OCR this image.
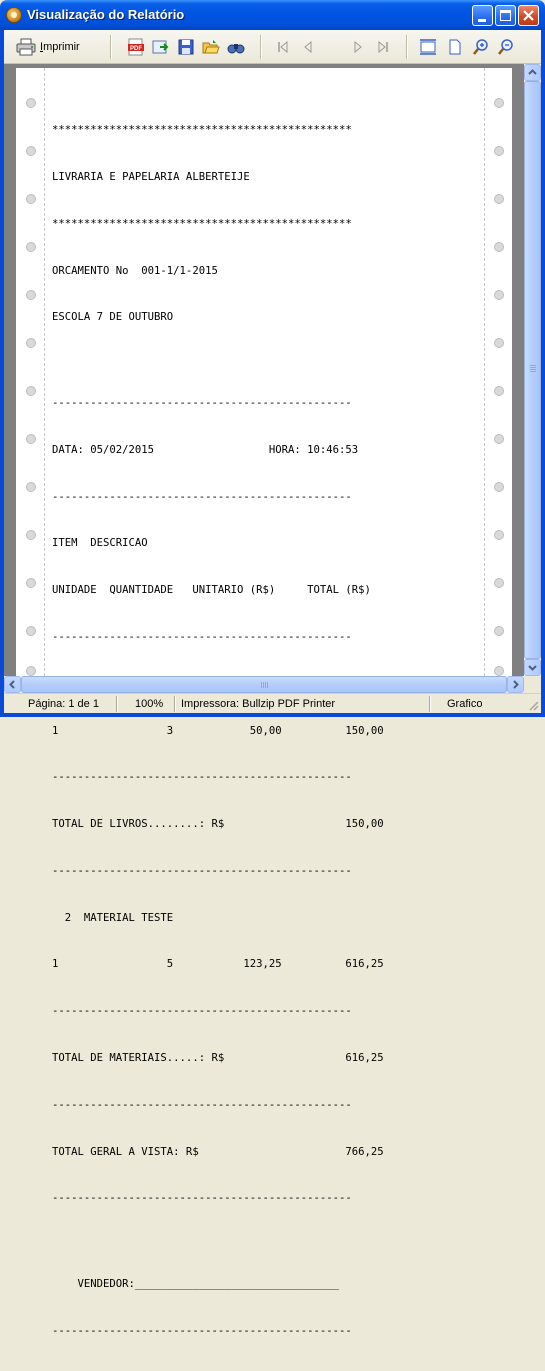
Visualização do Relatório
Imprimir	PDF

***********************************************

LIVRARIA E PAPELARIA ALBERTEIJE

***********************************************

ORCAMENTO No  001-1/1-2015

ESCOLA 7 DE OUTUBRO

-----------------------------------------------

DATA: 05/02/2015                  HORA: 10:46:53

-----------------------------------------------

ITEM  DESCRICAO

UNIDADE  QUANTIDADE   UNITARIO (R$)     TOTAL (R$)

-----------------------------------------------

1                 3            50,00          150,00

-----------------------------------------------

TOTAL DE LIVROS........: R$                   150,00

-----------------------------------------------

2  MATERIAL TESTE

1                 5           123,25          616,25

-----------------------------------------------

TOTAL DE MATERIAIS.....: R$                   616,25

-----------------------------------------------

TOTAL GERAL A VISTA: R$                       766,25

-----------------------------------------------

VENDEDOR:________________________________

-----------------------------------------------

Página: 1 de 1	100% Impressora: Bullzip PDF Printer	Grafico
